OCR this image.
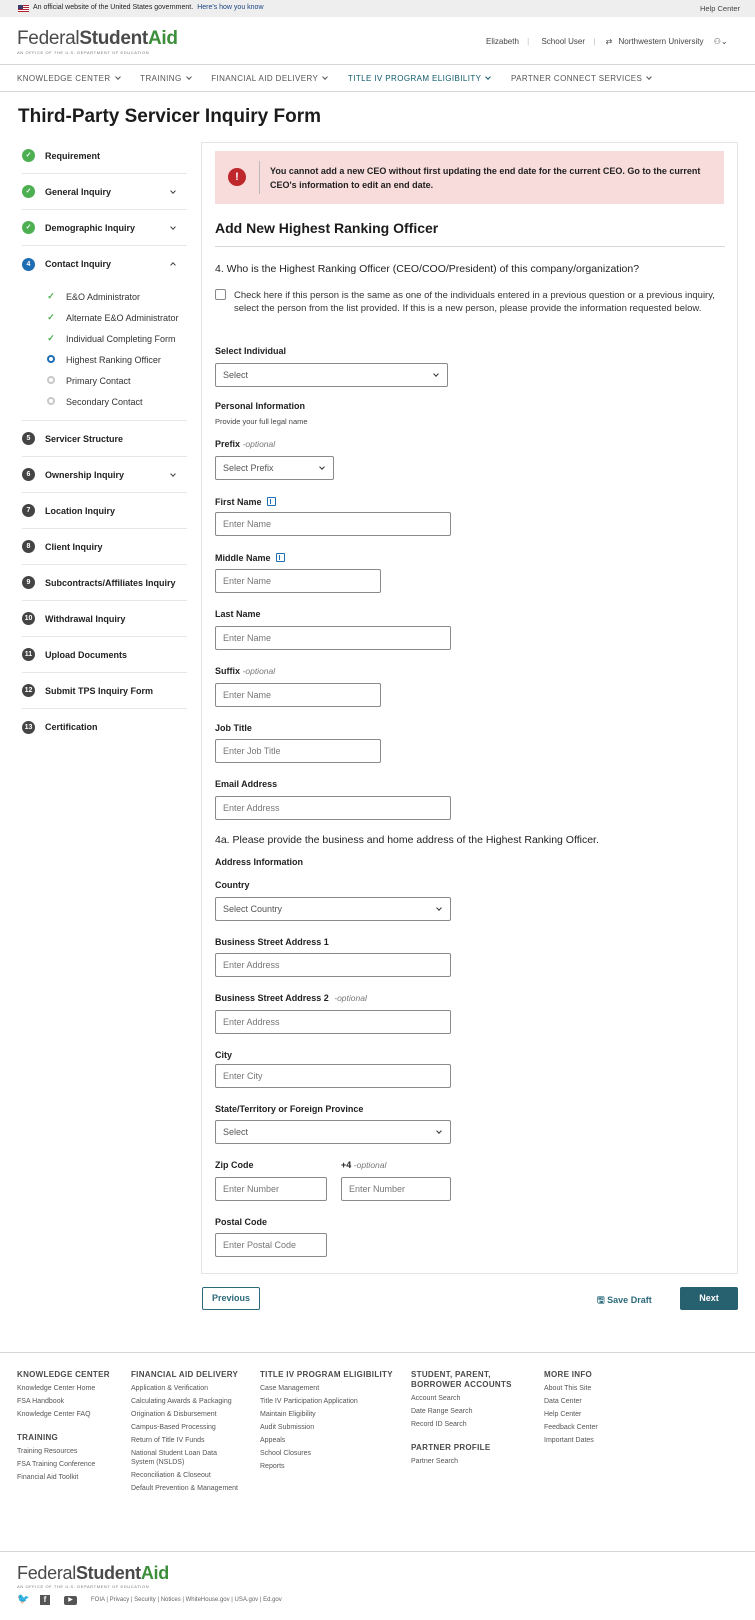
An official website of the United States government. Here's how you know	Help Center
FederalStudentAid
AN OFFICE OF THE U.S. DEPARTMENT OF EDUCATION
Elizabeth | School User | ⇄ Northwestern University ⚇⌄
KNOWLEDGE CENTER	TRAINING	FINANCIAL AID DELIVERY	TITLE IV PROGRAM ELIGIBILITY	PARTNER CONNECT SERVICES
Third-Party Servicer Inquiry Form
✓	Requirement
✓	General Inquiry
✓	Demographic Inquiry
4	Contact Inquiry
✓ E&O Administrator
✓ Alternate E&O Administrator
✓ Individual Completing Form
Highest Ranking Officer
Primary Contact
Secondary Contact
5	Servicer Structure
6	Ownership Inquiry
7	Location Inquiry
8	Client Inquiry
9	Subcontracts/Affiliates Inquiry
10 Withdrawal Inquiry
11	Upload Documents
12 Submit TPS Inquiry Form
13 Certification
!	You cannot add a new CEO without first updating the end date for the current CEO. Go to the current CEO's information to edit an end date.
Add New Highest Ranking Officer
4. Who is the Highest Ranking Officer (CEO/COO/President) of this company/organization?
Check here if this person is the same as one of the individuals entered in a previous question or a previous inquiry, select the person from the list provided. If this is a new person, please provide the information requested below.
Select Individual
Select
Personal Information
Provide your full legal name
Prefix -optional
Select Prefix
First Name
Enter Name
Middle Name
Enter Name
Last Name
Enter Name
Suffix -optional
Enter Name
Job Title
Enter Job Title
Email Address
Enter Address
4a. Please provide the business and home address of the Highest Ranking Officer.
Address Information
Country
Select Country
Business Street Address 1
Enter Address
Business Street Address 2 -optional
Enter Address
City
Enter City
State/Territory or Foreign Province
Select
Zip Code
Enter Number
+4 -optional
Enter Number
Postal Code
Enter Postal Code
Previous	🖫 Save Draft	Next
KNOWLEDGE CENTER
Knowledge Center Home
FSA Handbook
Knowledge Center FAQ
TRAINING
Training Resources
FSA Training Conference
Financial Aid Toolkit
FINANCIAL AID DELIVERY
Application & Verification
Calculating Awards & Packaging
Origination & Disbursement
Campus-Based Processing
Return of Title IV Funds
National Student Loan Data System (NSLDS)
Reconciliation & Closeout
Default Prevention & Management
TITLE IV PROGRAM ELIGIBILITY
Case Management
Title IV Participation Application
Maintain Eligibility
Audit Submission
Appeals
School Closures
Reports
STUDENT, PARENT, BORROWER ACCOUNTS
Account Search
Date Range Search
Record ID Search
PARTNER PROFILE
Partner Search
MORE INFO
About This Site
Data Center
Help Center
Feedback Center
Important Dates
FederalStudentAid
AN OFFICE OF THE U.S. DEPARTMENT OF EDUCATION
🐦	f	▶	FOIA | Privacy | Security | Notices | WhiteHouse.gov | USA.gov | Ed.gov
